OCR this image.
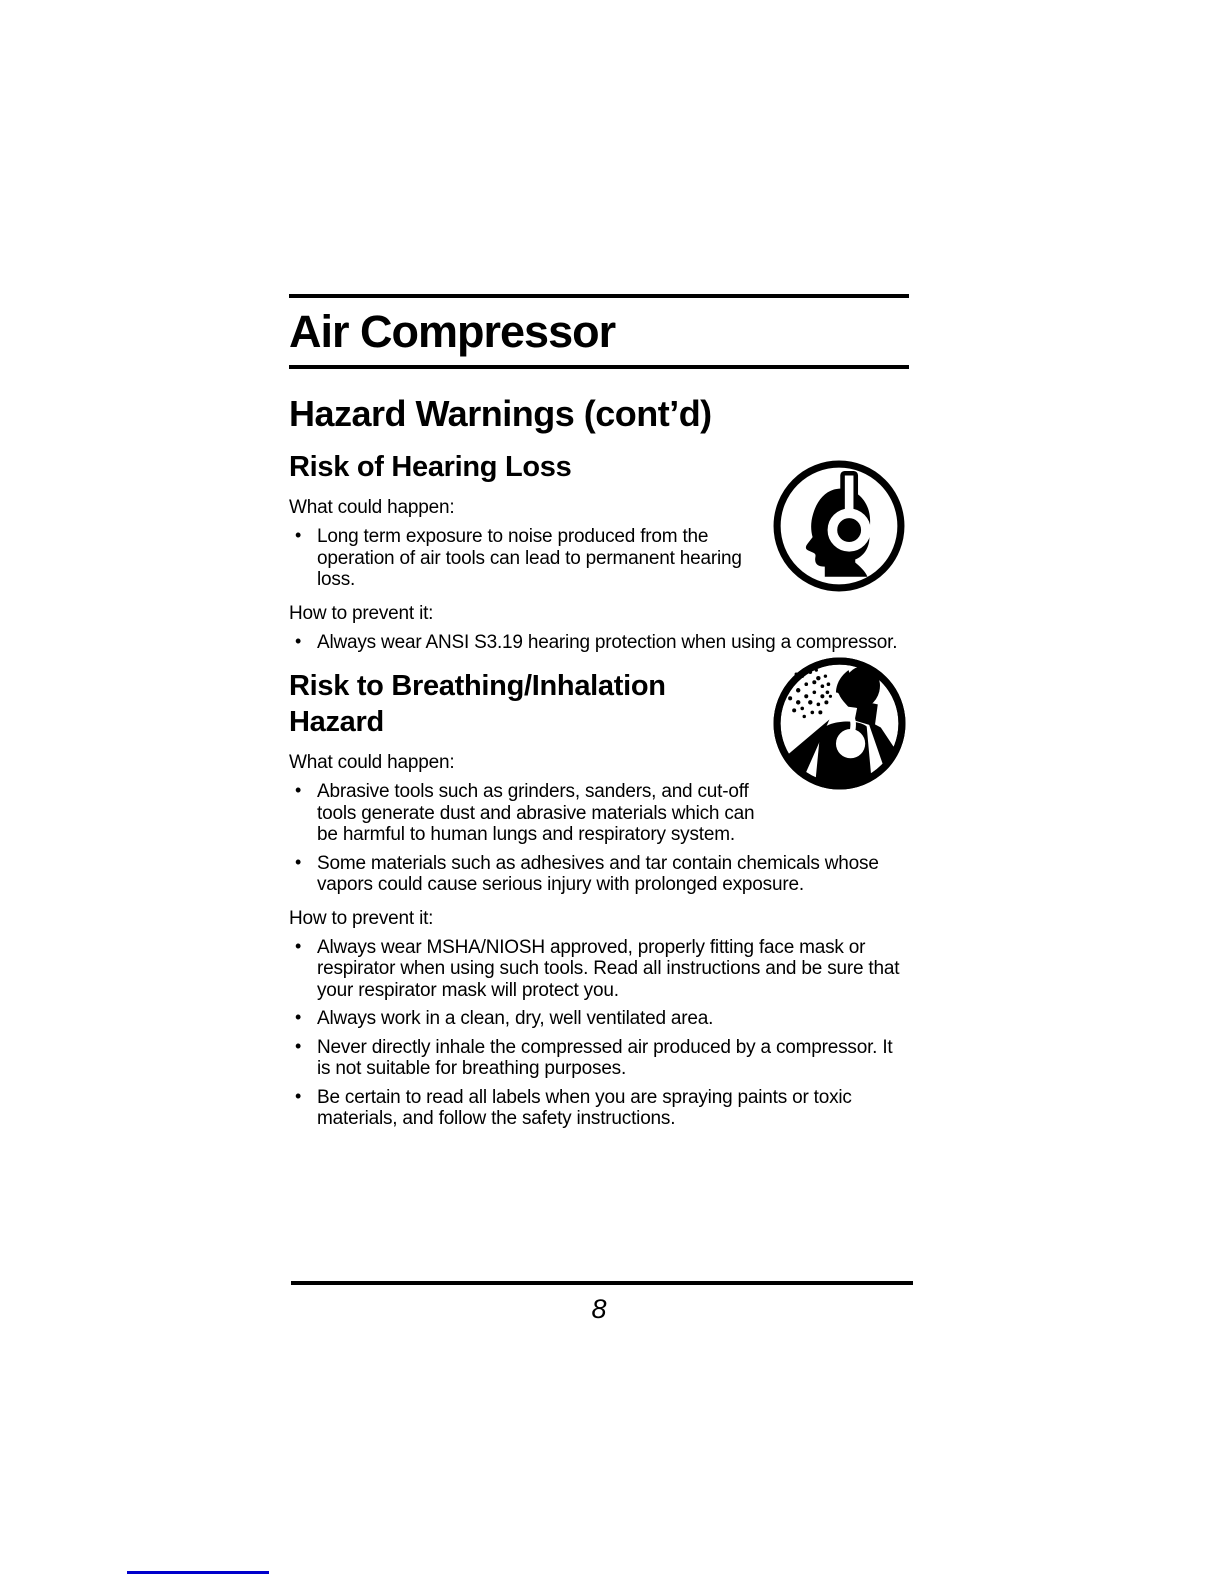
Air Compressor
Hazard Warnings (cont’d)
Risk of Hearing Loss

What could happen:

• Long term exposure to noise produced from the operation of air tools can lead to permanent hearing loss.

How to prevent it:

• Always wear ANSI S3.19 hearing protection when using a compressor.
Risk to Breathing/Inhalation Hazard

What could happen:

• Abrasive tools such as grinders, sanders, and cut-off tools generate dust and abrasive materials which can be harmful to human lungs and respiratory system.
• Some materials such as adhesives and tar contain chemicals whose vapors could cause serious injury with prolonged exposure.

How to prevent it:

• Always wear MSHA/NIOSH approved, properly fitting face mask or respirator when using such tools. Read all instructions and be sure that your respirator mask will protect you.
• Always work in a clean, dry, well ventilated area.
• Never directly inhale the compressed air produced by a compressor. It is not suitable for breathing purposes.
• Be certain to read all labels when you are spraying paints or toxic materials, and follow the safety instructions.
8
